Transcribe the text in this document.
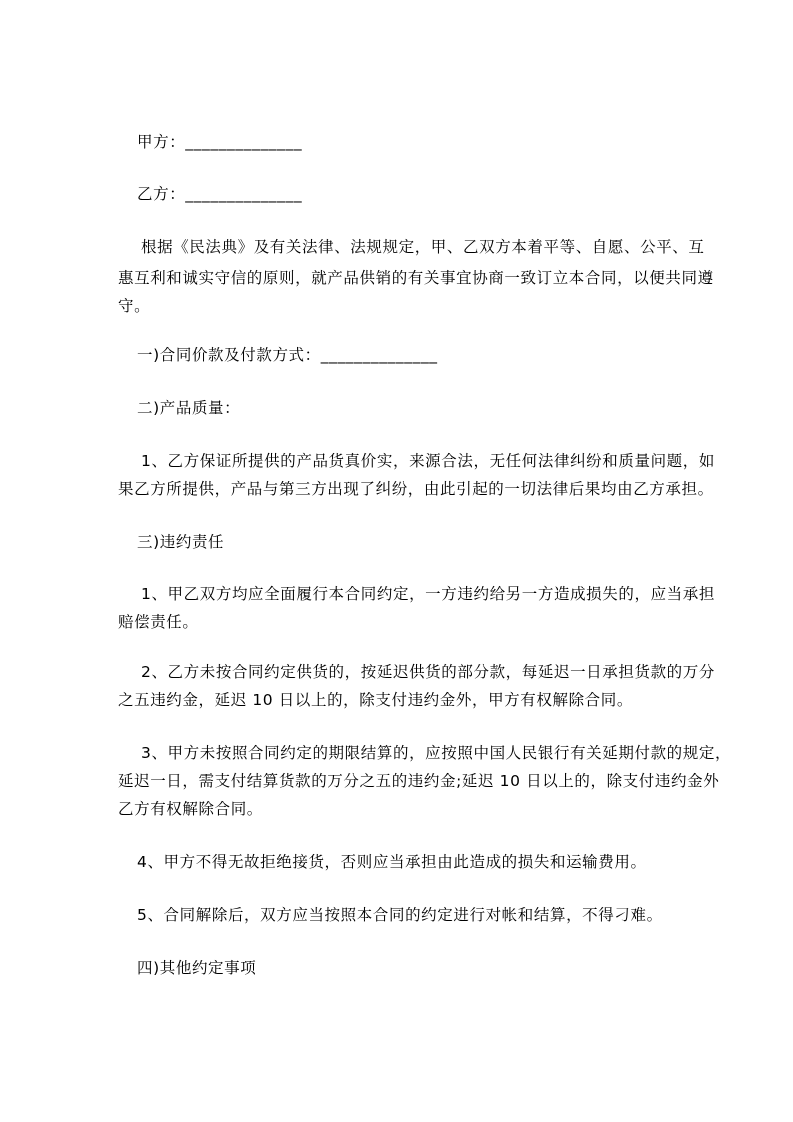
甲方：______________
乙方：______________
根据《民法典》及有关法律、法规规定，甲、乙双方本着平等、自愿、公平、互
惠互利和诚实守信的原则，就产品供销的有关事宜协商一致订立本合同，以便共同遵
守。
一)合同价款及付款方式：______________
二)产品质量：
1、乙方保证所提供的产品货真价实，来源合法，无任何法律纠纷和质量问题，如
果乙方所提供，产品与第三方出现了纠纷，由此引起的一切法律后果均由乙方承担。
三)违约责任
1、甲乙双方均应全面履行本合同约定，一方违约给另一方造成损失的，应当承担
赔偿责任。
2、乙方未按合同约定供货的，按延迟供货的部分款，每延迟一日承担货款的万分
之五违约金，延迟 10 日以上的，除支付违约金外，甲方有权解除合同。
3、甲方未按照合同约定的期限结算的，应按照中国人民银行有关延期付款的规定，
延迟一日，需支付结算货款的万分之五的违约金;延迟 10 日以上的，除支付违约金外
乙方有权解除合同。
4、甲方不得无故拒绝接货，否则应当承担由此造成的损失和运输费用。
5、合同解除后，双方应当按照本合同的约定进行对帐和结算，不得刁难。
四)其他约定事项
